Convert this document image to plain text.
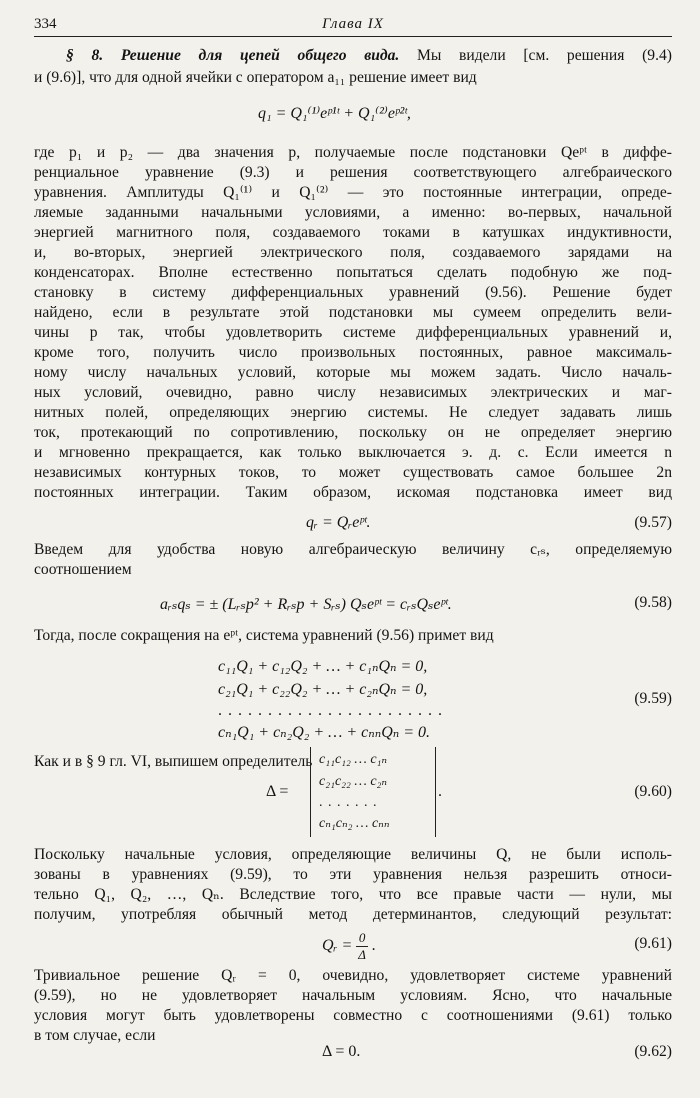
334	Глава IX
§ 8. Решение для цепей общего вида. Мы видели [см. решения (9.4)
и (9.6)], что для одной ячейки с оператором a₁₁ решение имеет вид
q₁ = Q₁⁽¹⁾eᵖ¹ᵗ + Q₁⁽²⁾eᵖ²ᵗ,
где p₁ и p₂ — два значения p, получаемые после подстановки Qeᵖᵗ в диффе-
ренциальное уравнение (9.3) и решения соответствующего алгебраического
уравнения. Амплитуды Q₁⁽¹⁾ и Q₁⁽²⁾ — это постоянные интеграции, опреде-
ляемые заданными начальными условиями, а именно: во-первых, начальной
энергией магнитного поля, создаваемого токами в катушках индуктивности,
и, во-вторых, энергией электрического поля, создаваемого зарядами на
конденсаторах. Вполне естественно попытаться сделать подобную же под-
становку в систему дифференциальных уравнений (9.56). Решение будет
найдено, если в результате этой подстановки мы сумеем определить вели-
чины p так, чтобы удовлетворить системе дифференциальных уравнений и,
кроме того, получить число произвольных постоянных, равное максималь-
ному числу начальных условий, которые мы можем задать. Число началь-
ных условий, очевидно, равно числу независимых электрических и маг-
нитных полей, определяющих энергию системы. Не следует задавать лишь
ток, протекающий по сопротивлению, поскольку он не определяет энергию
и мгновенно прекращается, как только выключается э. д. с. Если имеется n
независимых контурных токов, то может существовать самое большее 2n
постоянных интеграции. Таким образом, искомая подстановка имеет вид
qᵣ = Qᵣeᵖᵗ.	(9.57)
Введем для удобства новую алгебраическую величину cᵣₛ, определяемую
соотношением
aᵣₛqₛ = ± (Lᵣₛp² + Rᵣₛp + Sᵣₛ) Qₛeᵖᵗ = cᵣₛQₛeᵖᵗ.	(9.58)
Тогда, после сокращения на eᵖᵗ, система уравнений (9.56) примет вид
c₁₁Q₁ + c₁₂Q₂ + … + c₁ₙQₙ = 0,
c₂₁Q₁ + c₂₂Q₂ + … + c₂ₙQₙ = 0,
. . . . . . . . . . . . . . . . . . . . . . .
cₙ₁Q₁ + cₙ₂Q₂ + … + cₙₙQₙ = 0.
(9.59)
Как и в § 9 гл. VI, выпишем определитель
Δ =
c₁₁c₁₂ … c₁ₙ
c₂₁c₂₂ … c₂ₙ
. . . . . . .
cₙ₁cₙ₂ … cₙₙ
.	(9.60)
Поскольку начальные условия, определяющие величины Q, не были исполь-
зованы в уравнениях (9.59), то эти уравнения нельзя разрешить относи-
тельно Q₁, Q₂, …, Qₙ. Вследствие того, что все правые части — нули, мы
получим, употребляя обычный метод детерминантов, следующий результат:
Qᵣ = $\frac{0}{\Delta}$ .	(9.61)
Тривиальное решение Qᵣ = 0, очевидно, удовлетворяет системе уравнений
(9.59), но не удовлетворяет начальным условиям. Ясно, что начальные
условия могут быть удовлетворены совместно с соотношениями (9.61) только
в том случае, если
Δ = 0.	(9.62)
